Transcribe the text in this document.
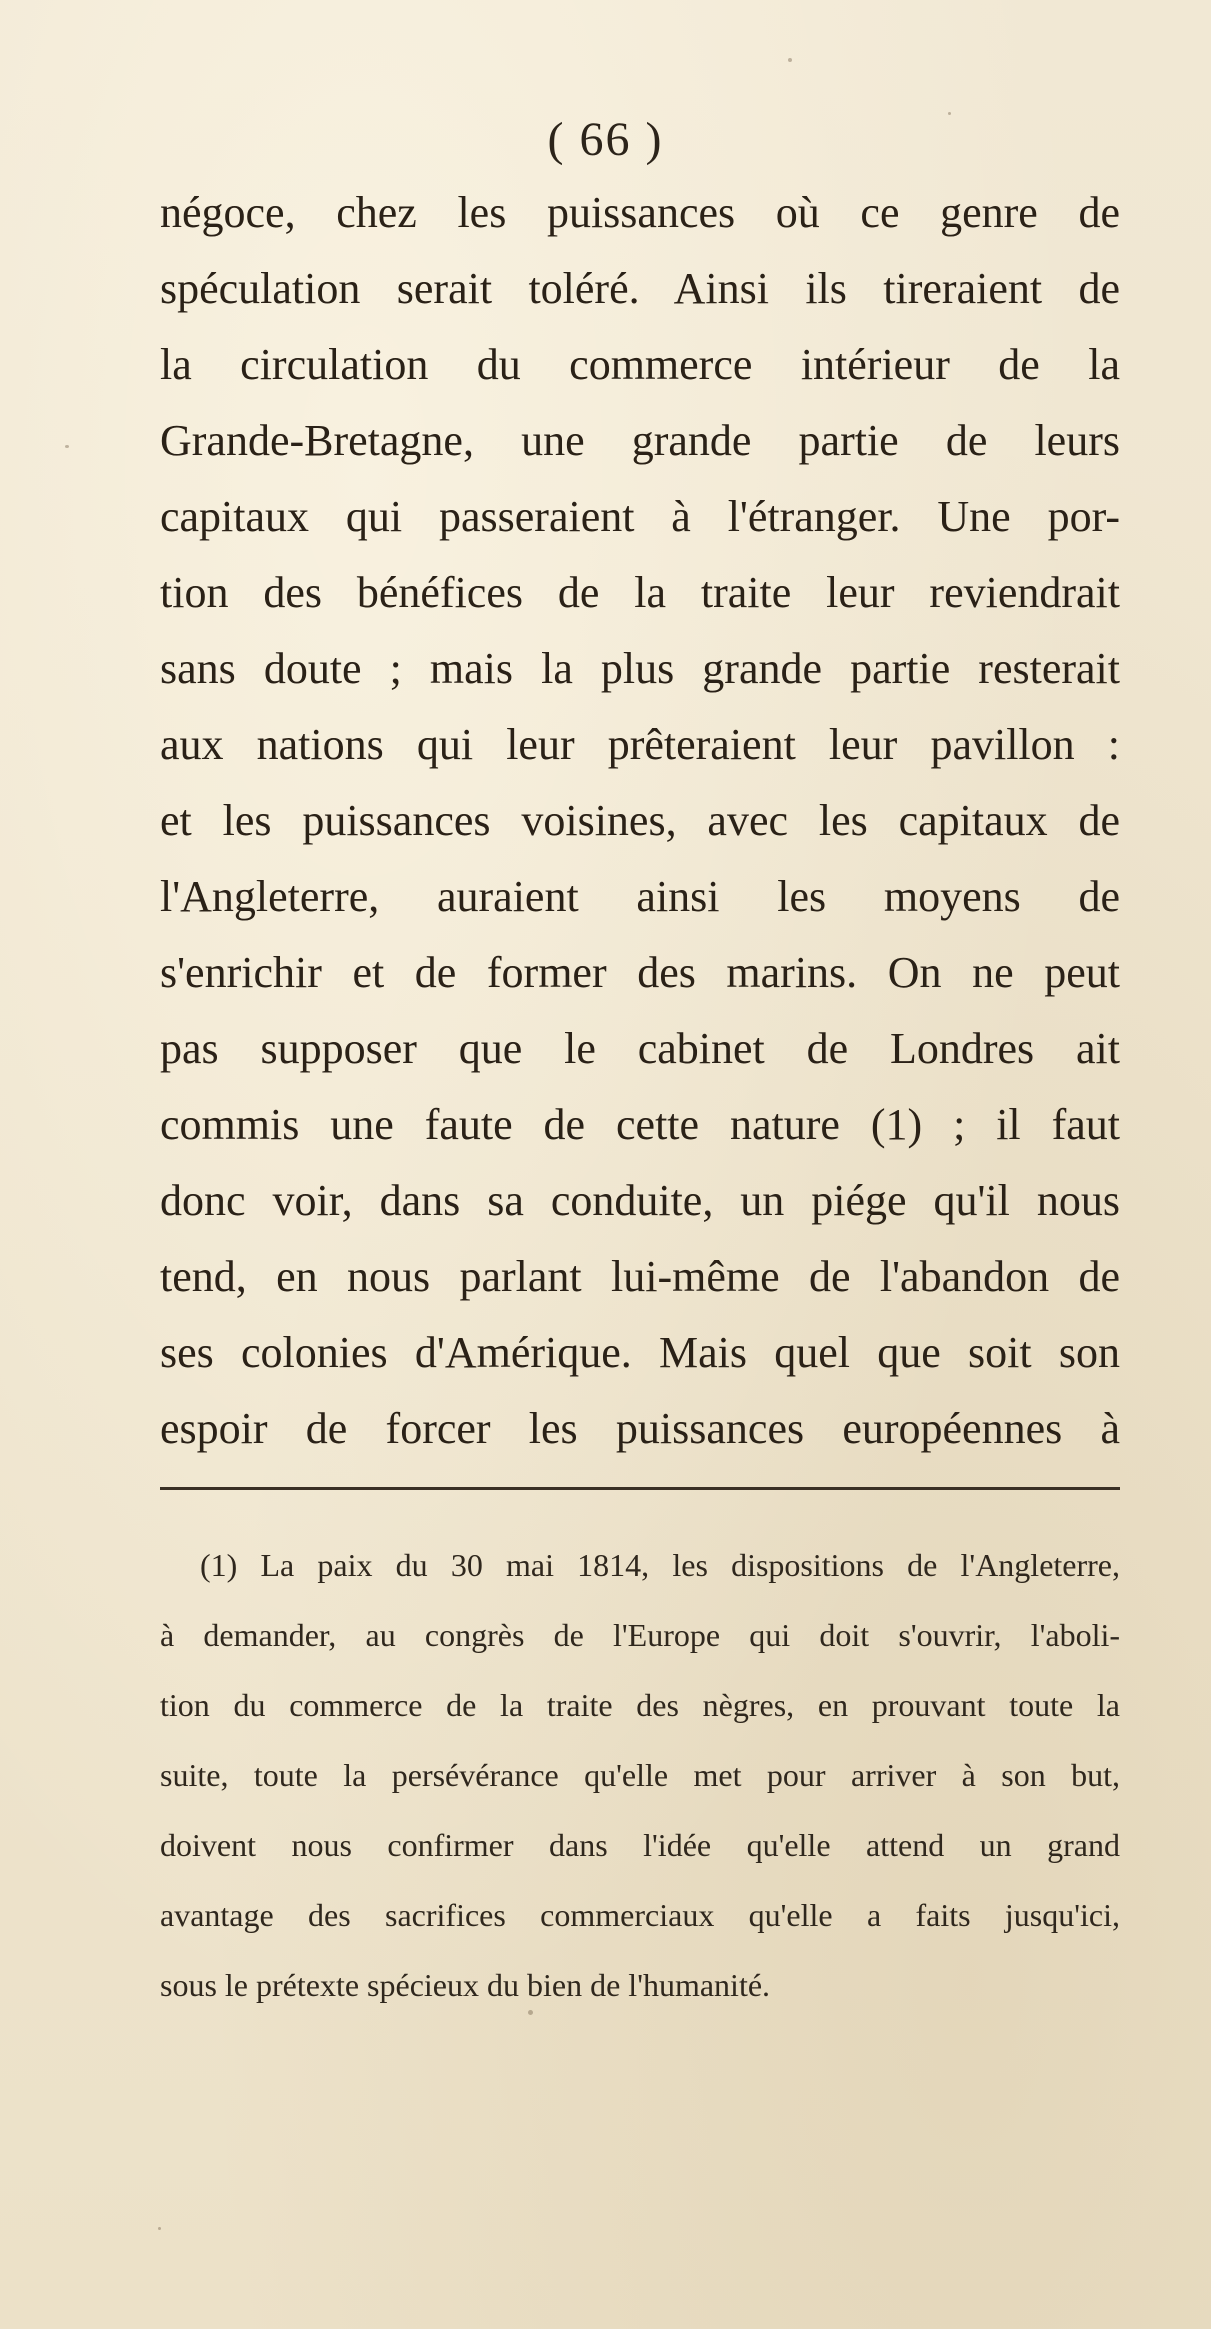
( 66 )
négoce, chez les puissances où ce genre de
spéculation serait toléré. Ainsi ils tireraient de
la circulation du commerce intérieur de la
Grande-Bretagne, une grande partie de leurs
capitaux qui passeraient à l'étranger. Une por-
tion des bénéfices de la traite leur reviendrait
sans doute ; mais la plus grande partie resterait
aux nations qui leur prêteraient leur pavillon :
et les puissances voisines, avec les capitaux de
l'Angleterre, auraient ainsi les moyens de
s'enrichir et de former des marins. On ne peut
pas supposer que le cabinet de Londres ait
commis une faute de cette nature (1) ; il faut
donc voir, dans sa conduite, un piége qu'il nous
tend, en nous parlant lui-même de l'abandon de
ses colonies d'Amérique. Mais quel que soit son
espoir de forcer les puissances européennes à
(1) La paix du 30 mai 1814, les dispositions de l'Angleterre,
à demander, au congrès de l'Europe qui doit s'ouvrir, l'aboli-
tion du commerce de la traite des nègres, en prouvant toute la
suite, toute la persévérance qu'elle met pour arriver à son but,
doivent nous confirmer dans l'idée qu'elle attend un grand
avantage des sacrifices commerciaux qu'elle a faits jusqu'ici,
sous le prétexte spécieux du bien de l'humanité.
